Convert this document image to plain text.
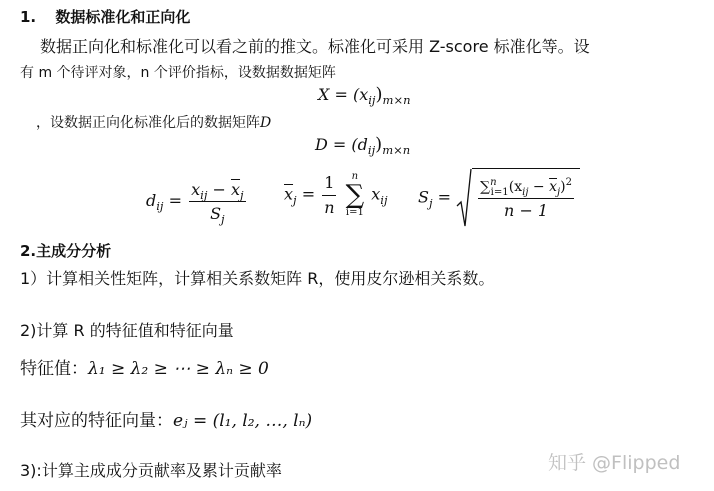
1. 数据标准化和正向化
数据正向化和标准化可以看之前的推文。标准化可采用 Z-score 标准化等。设
有 m 个待评对象，n 个评价指标，设数据数据矩阵
$X = (x_{ij})_{m\times n}$
，设数据正向化标准化后的数据矩阵D
$D = (d_{ij})_{m\times n}$
$d_{ij} = \frac{x_{ij} - \overline{x}_j}{S_j} \overline{x}_j = \frac{1}{n}$
n
∑
i=1
$x_{ij}$ $S_j = \frac{\sum^n_{i=1}(x_{ij} - \overline{x}_j)^2}{n - 1}$
2.主成分分析
1）计算相关性矩阵，计算相关系数矩阵 R，使用皮尔逊相关系数。
2)计算 R 的特征值和特征向量
特征值：λ₁ ≥ λ₂ ≥ ⋯ ≥ λₙ ≥ 0
其对应的特征向量：eⱼ = (l₁, l₂, …, lₙ)
3):计算主成成分贡献率及累计贡献率	知乎 @Flipped
